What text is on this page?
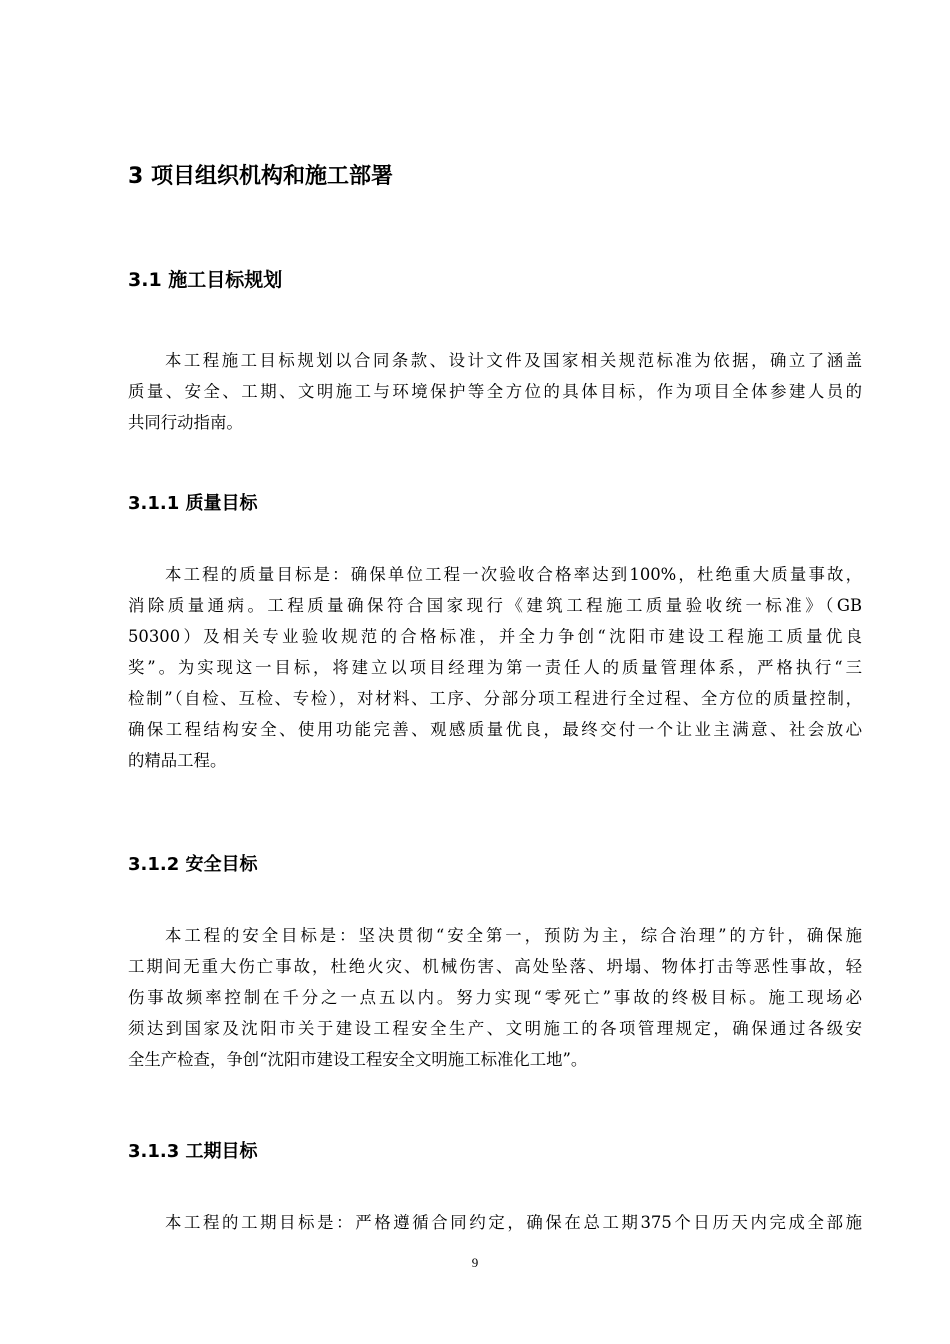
3 项目组织机构和施工部署
3.1 施工目标规划
本工程施工目标规划以合同条款、设计文件及国家相关规范标准为依据，确立了涵盖
质量、安全、工期、文明施工与环境保护等全方位的具体目标，作为项目全体参建人员的
共同行动指南。
3.1.1 质量目标
本工程的质量目标是：确保单位工程一次验收合格率达到100%，杜绝重大质量事故，
消除质量通病。工程质量确保符合国家现行《建筑工程施工质量验收统一标准》（GB
50300）及相关专业验收规范的合格标准，并全力争创“沈阳市建设工程施工质量优良
奖”。为实现这一目标，将建立以项目经理为第一责任人的质量管理体系，严格执行“三
检制”（自检、互检、专检），对材料、工序、分部分项工程进行全过程、全方位的质量控制，
确保工程结构安全、使用功能完善、观感质量优良，最终交付一个让业主满意、社会放心
的精品工程。
3.1.2 安全目标
本工程的安全目标是：坚决贯彻“安全第一，预防为主，综合治理”的方针，确保施
工期间无重大伤亡事故，杜绝火灾、机械伤害、高处坠落、坍塌、物体打击等恶性事故，轻
伤事故频率控制在千分之一点五以内。努力实现“零死亡”事故的终极目标。施工现场必
须达到国家及沈阳市关于建设工程安全生产、文明施工的各项管理规定，确保通过各级安
全生产检查，争创“沈阳市建设工程安全文明施工标准化工地”。
3.1.3 工期目标
本工程的工期目标是：严格遵循合同约定，确保在总工期375个日历天内完成全部施
9
